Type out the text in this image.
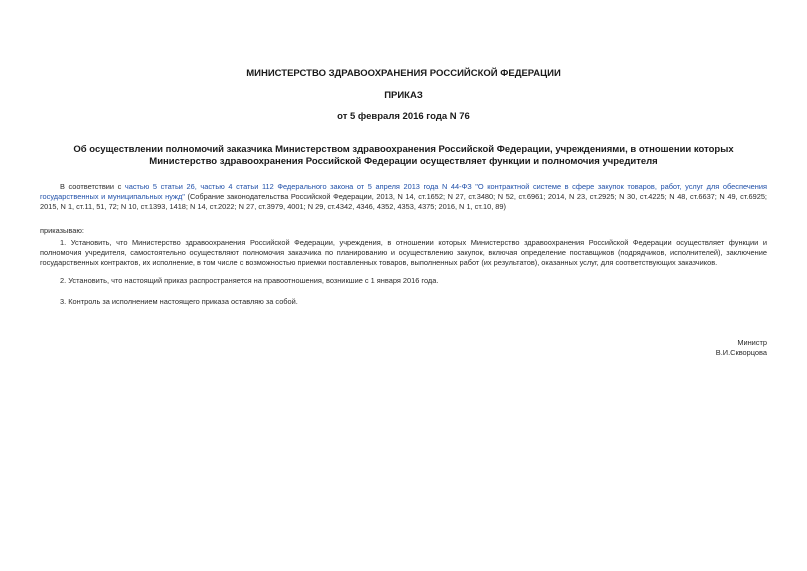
МИНИСТЕРСТВО ЗДРАВООХРАНЕНИЯ РОССИЙСКОЙ ФЕДЕРАЦИИ
ПРИКАЗ
от 5 февраля 2016 года N 76
Об осуществлении полномочий заказчика Министерством здравоохранения Российской Федерации, учреждениями, в отношении которых Министерство здравоохранения Российской Федерации осуществляет функции и полномочия учредителя
В соответствии с частью 5 статьи 26, частью 4 статьи 112 Федерального закона от 5 апреля 2013 года N 44-ФЗ "О контрактной системе в сфере закупок товаров, работ, услуг для обеспечения государственных и муниципальных нужд" (Собрание законодательства Российской Федерации, 2013, N 14, ст.1652; N 27, ст.3480; N 52, ст.6961; 2014, N 23, ст.2925; N 30, ст.4225; N 48, ст.6637; N 49, ст.6925; 2015, N 1, ст.11, 51, 72; N 10, ст.1393, 1418; N 14, ст.2022; N 27, ст.3979, 4001; N 29, ст.4342, 4346, 4352, 4353, 4375; 2016, N 1, ст.10, 89)
приказываю:
1. Установить, что Министерство здравоохранения Российской Федерации, учреждения, в отношении которых Министерство здравоохранения Российской Федерации осуществляет функции и полномочия учредителя, самостоятельно осуществляют полномочия заказчика по планированию и осуществлению закупок, включая определение поставщиков (подрядчиков, исполнителей), заключение государственных контрактов, их исполнение, в том числе с возможностью приемки поставленных товаров, выполненных работ (их результатов), оказанных услуг, для соответствующих заказчиков.
2. Установить, что настоящий приказ распространяется на правоотношения, возникшие с 1 января 2016 года.
3. Контроль за исполнением настоящего приказа оставляю за собой.
Министр
В.И.Скворцова
